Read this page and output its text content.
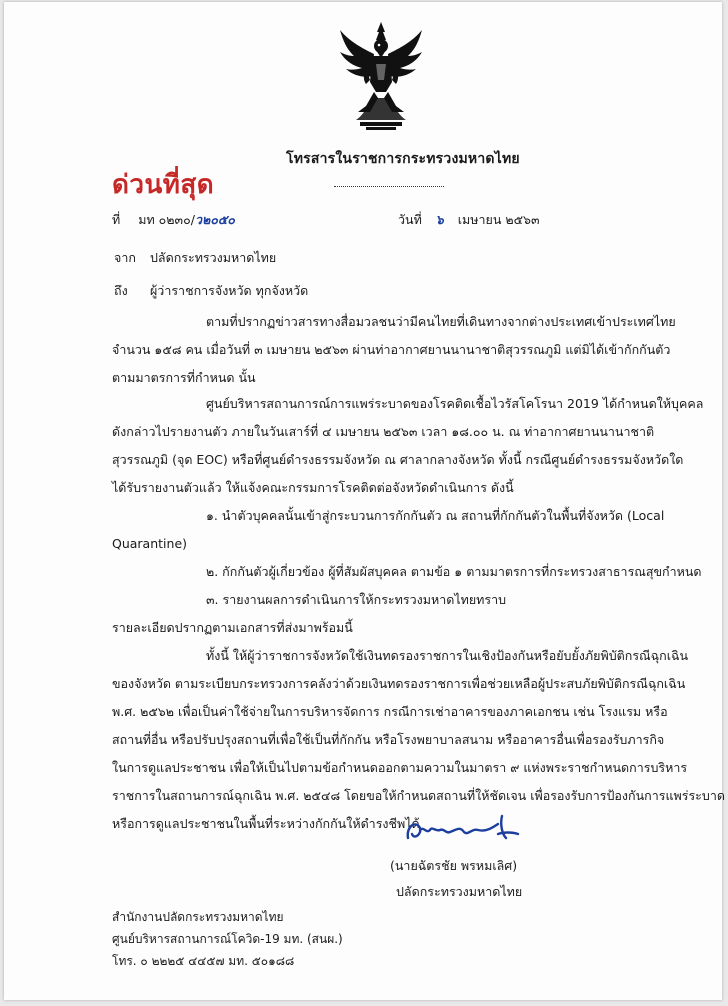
โทรสารในราชการกระทรวงมหาดไทย
ด่วนที่สุด
ที่ มท ๐๒๓๐/ว๒๐๕๐	วันที่ ๖ เมษายน ๒๕๖๓
จาก ปลัดกระทรวงมหาดไทย
ถึง ผู้ว่าราชการจังหวัด ทุกจังหวัด

ตามที่ปรากฏข่าวสารทางสื่อมวลชนว่ามีคนไทยที่เดินทางจากต่างประเทศเข้าประเทศไทย

จำนวน ๑๕๘ คน เมื่อวันที่ ๓ เมษายน ๒๕๖๓ ผ่านท่าอากาศยานนานาชาติสุวรรณภูมิ แต่มิได้เข้ากักกันตัว

ตามมาตรการที่กำหนด นั้น

ศูนย์บริหารสถานการณ์การแพร่ระบาดของโรคติดเชื้อไวรัสโคโรนา 2019 ได้กำหนดให้บุคคล

ดังกล่าวไปรายงานตัว ภายในวันเสาร์ที่ ๔ เมษายน ๒๕๖๓ เวลา ๑๘.๐๐ น. ณ ท่าอากาศยานนานาชาติ

สุวรรณภูมิ (จุด EOC) หรือที่ศูนย์ดำรงธรรมจังหวัด ณ ศาลากลางจังหวัด ทั้งนี้ กรณีศูนย์ดำรงธรรมจังหวัดใด

ได้รับรายงานตัวแล้ว ให้แจ้งคณะกรรมการโรคติดต่อจังหวัดดำเนินการ ดังนี้

๑. นำตัวบุคคลนั้นเข้าสู่กระบวนการกักกันตัว ณ สถานที่กักกันตัวในพื้นที่จังหวัด (Local

Quarantine)

๒. กักกันตัวผู้เกี่ยวข้อง ผู้ที่สัมผัสบุคคล ตามข้อ ๑ ตามมาตรการที่กระทรวงสาธารณสุขกำหนด

๓. รายงานผลการดำเนินการให้กระทรวงมหาดไทยทราบ

รายละเอียดปรากฏตามเอกสารที่ส่งมาพร้อมนี้

ทั้งนี้ ให้ผู้ว่าราชการจังหวัดใช้เงินทดรองราชการในเชิงป้องกันหรือยับยั้งภัยพิบัติกรณีฉุกเฉิน

ของจังหวัด ตามระเบียบกระทรวงการคลังว่าด้วยเงินทดรองราชการเพื่อช่วยเหลือผู้ประสบภัยพิบัติกรณีฉุกเฉิน

พ.ศ. ๒๕๖๒ เพื่อเป็นค่าใช้จ่ายในการบริหารจัดการ กรณีการเช่าอาคารของภาคเอกชน เช่น โรงแรม หรือ

สถานที่อื่น หรือปรับปรุงสถานที่เพื่อใช้เป็นที่กักกัน หรือโรงพยาบาลสนาม หรืออาคารอื่นเพื่อรองรับภารกิจ

ในการดูแลประชาชน เพื่อให้เป็นไปตามข้อกำหนดออกตามความในมาตรา ๙ แห่งพระราชกำหนดการบริหาร

ราชการในสถานการณ์ฉุกเฉิน พ.ศ. ๒๕๔๘ โดยขอให้กำหนดสถานที่ให้ชัดเจน เพื่อรองรับการป้องกันการแพร่ระบาด

หรือการดูแลประชาชนในพื้นที่ระหว่างกักกันให้ดำรงชีพได้

(นายฉัตรชัย พรหมเลิศ)
ปลัดกระทรวงมหาดไทย
สำนักงานปลัดกระทรวงมหาดไทย
ศูนย์บริหารสถานการณ์โควิด-19 มท. (สนผ.)
โทร. ๐ ๒๒๒๕ ๔๔๕๗ มท. ๕๐๑๘๘
